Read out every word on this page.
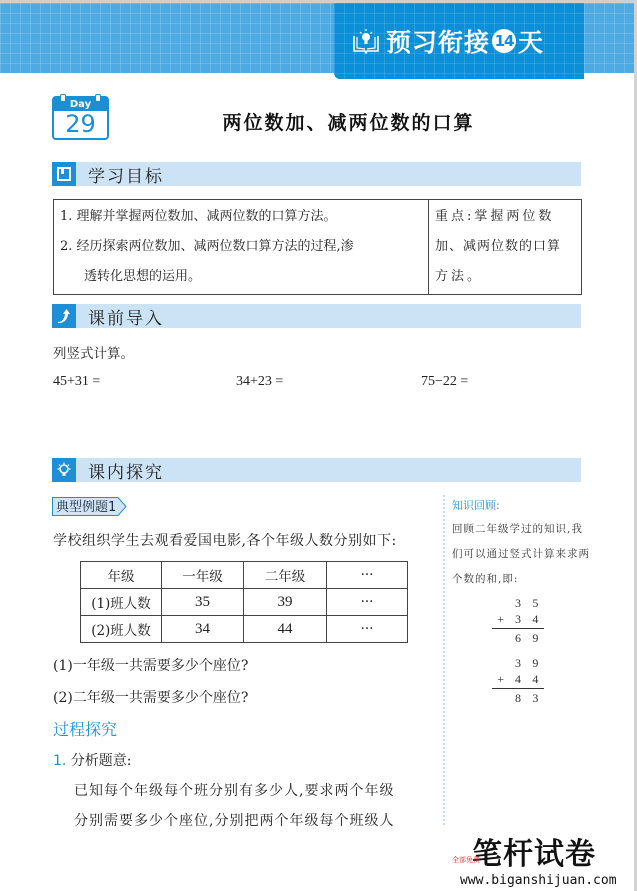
预习衔接 14 天
Day
29	两位数加、减两位数的口算
学习目标
1. 理解并掌握两位数加、减两位数的口算方法。
2. 经历探索两位数加、减两位数口算方法的过程,渗
透转化思想的运用。

重点:掌握两位数
加、减两位数的口算
方法。
课前导入
列竖式计算。
45+31 =	34+23 =	75−22 =
课内探究
典型例题1
学校组织学生去观看爱国电影,各个年级人数分别如下:
年级	一年级	二年级	···
(1)班人数	35	39	···
(2)班人数	34	44	···
(1)一年级一共需要多少个座位?
(2)二年级一共需要多少个座位?
过程探究
1. 分析题意:
已知每个年级每个班分别有多少人,要求两个年级
分别需要多少个座位,分别把两个年级每个班级人
知识回顾:
回顾二年级学过的知识,我
们可以通过竖式计算来求两
个数的和,即:
3 5
+ 3 4
6 9
3 9
+ 4 4
8 3
笔杆试卷
全部免费
www.biganshijuan.com
